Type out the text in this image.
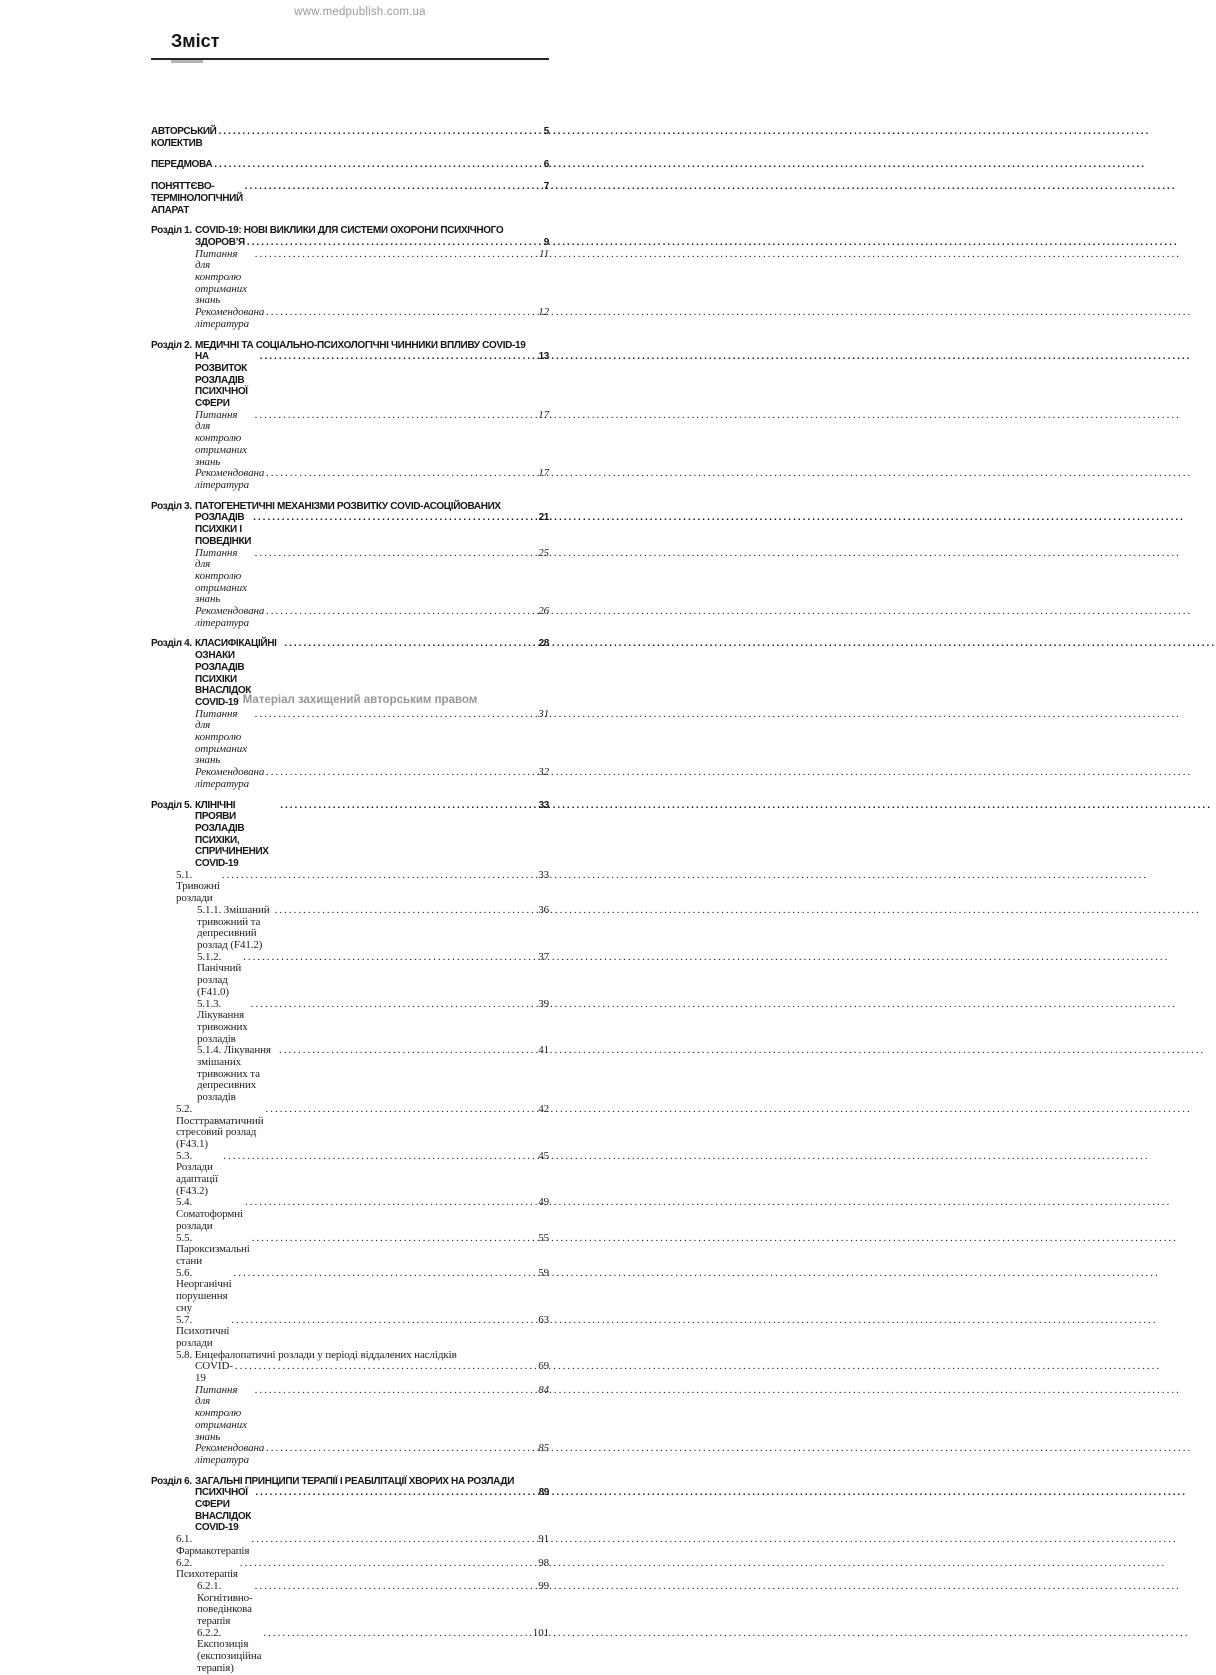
www.medpublish.com.ua
Зміст
АВТОРСЬКИЙ КОЛЕКТИВ
.....
5
ПЕРЕДМОВА .....	6
ПОНЯТТЄВО-ТЕРМІНОЛОГІЧНИЙ АПАРАТ
.....
7
Розділ 1. COVID-19: НОВІ ВИКЛИКИ ДЛЯ СИСТЕМИ ОХОРОНИ ПСИХІЧНОГО
ЗДОРОВ’Я .....	9
Питання для контролю отриманих знань
.....
11
Рекомендована література
.....
12
Розділ 2. МЕДИЧНІ ТА СОЦІАЛЬНО-ПСИХОЛОГІЧНІ ЧИННИКИ ВПЛИВУ COVID-19
НА РОЗВИТОК РОЗЛАДІВ ПСИХІЧНОЇ СФЕРИ
.....
13
Питання для контролю отриманих знань
.....
17
Рекомендована література
.....
17
Розділ 3. ПАТОГЕНЕТИЧНІ МЕХАНІЗМИ РОЗВИТКУ COVID-АСОЦІЙОВАНИХ
РОЗЛАДІВ ПСИХІКИ І ПОВЕДІНКИ
.....
21
Питання для контролю отриманих знань
.....
25
Рекомендована література
.....
26
Розділ 4. КЛАСИФІКАЦІЙНІ ОЗНАКИ РОЗЛАДІВ ПСИХІКИ ВНАСЛІДОК COVID-19
.....
28
Питання для контролю отриманих знань
.....
31
Рекомендована література
.....
32
Розділ 5. КЛІНІЧНІ ПРОЯВИ РОЗЛАДІВ ПСИХІКИ, СПРИЧИНЕНИХ COVID-19
.....
33
5.1. Тривожні розлади
.....
33
5.1.1. Змішаний тривожний та депресивний розлад (F41.2)
.....
36
5.1.2. Панічний розлад (F41.0)
.....
37
5.1.3. Лікування тривожних розладів
.....
39
5.1.4. Лікування змішаних тривожних та депресивних розладів
.....
41
5.2. Посттравматичний стресовий розлад (F43.1)
.....
42
5.3. Розлади адаптації (F43.2)
.....
45
5.4. Соматоформні розлади
.....
49
5.5. Пароксизмальні стани
.....
55
5.6. Неорганічні порушення сну
.....
59
5.7. Психотичні розлади
.....
63
5.8. Енцефалопатичні розлади у періоді віддалених наслідків
COVID-19
.....
69
Питання для контролю отриманих знань
.....
84
Рекомендована література
.....
85
Розділ 6. ЗАГАЛЬНІ ПРИНЦИПИ ТЕРАПІЇ І РЕАБІЛІТАЦІЇ ХВОРИХ НА РОЗЛАДИ
ПСИХІЧНОЇ СФЕРИ ВНАСЛІДОК COVID-19
.....
89
6.1. Фармакотерапія
.....
91
6.2. Психотерапія
.....
98
6.2.1. Когнітивно-поведінкова терапія
.....
99
6.2.2. Експозиція (експозиційна терапія)
.....
101
Матеріал захищений авторським правом
